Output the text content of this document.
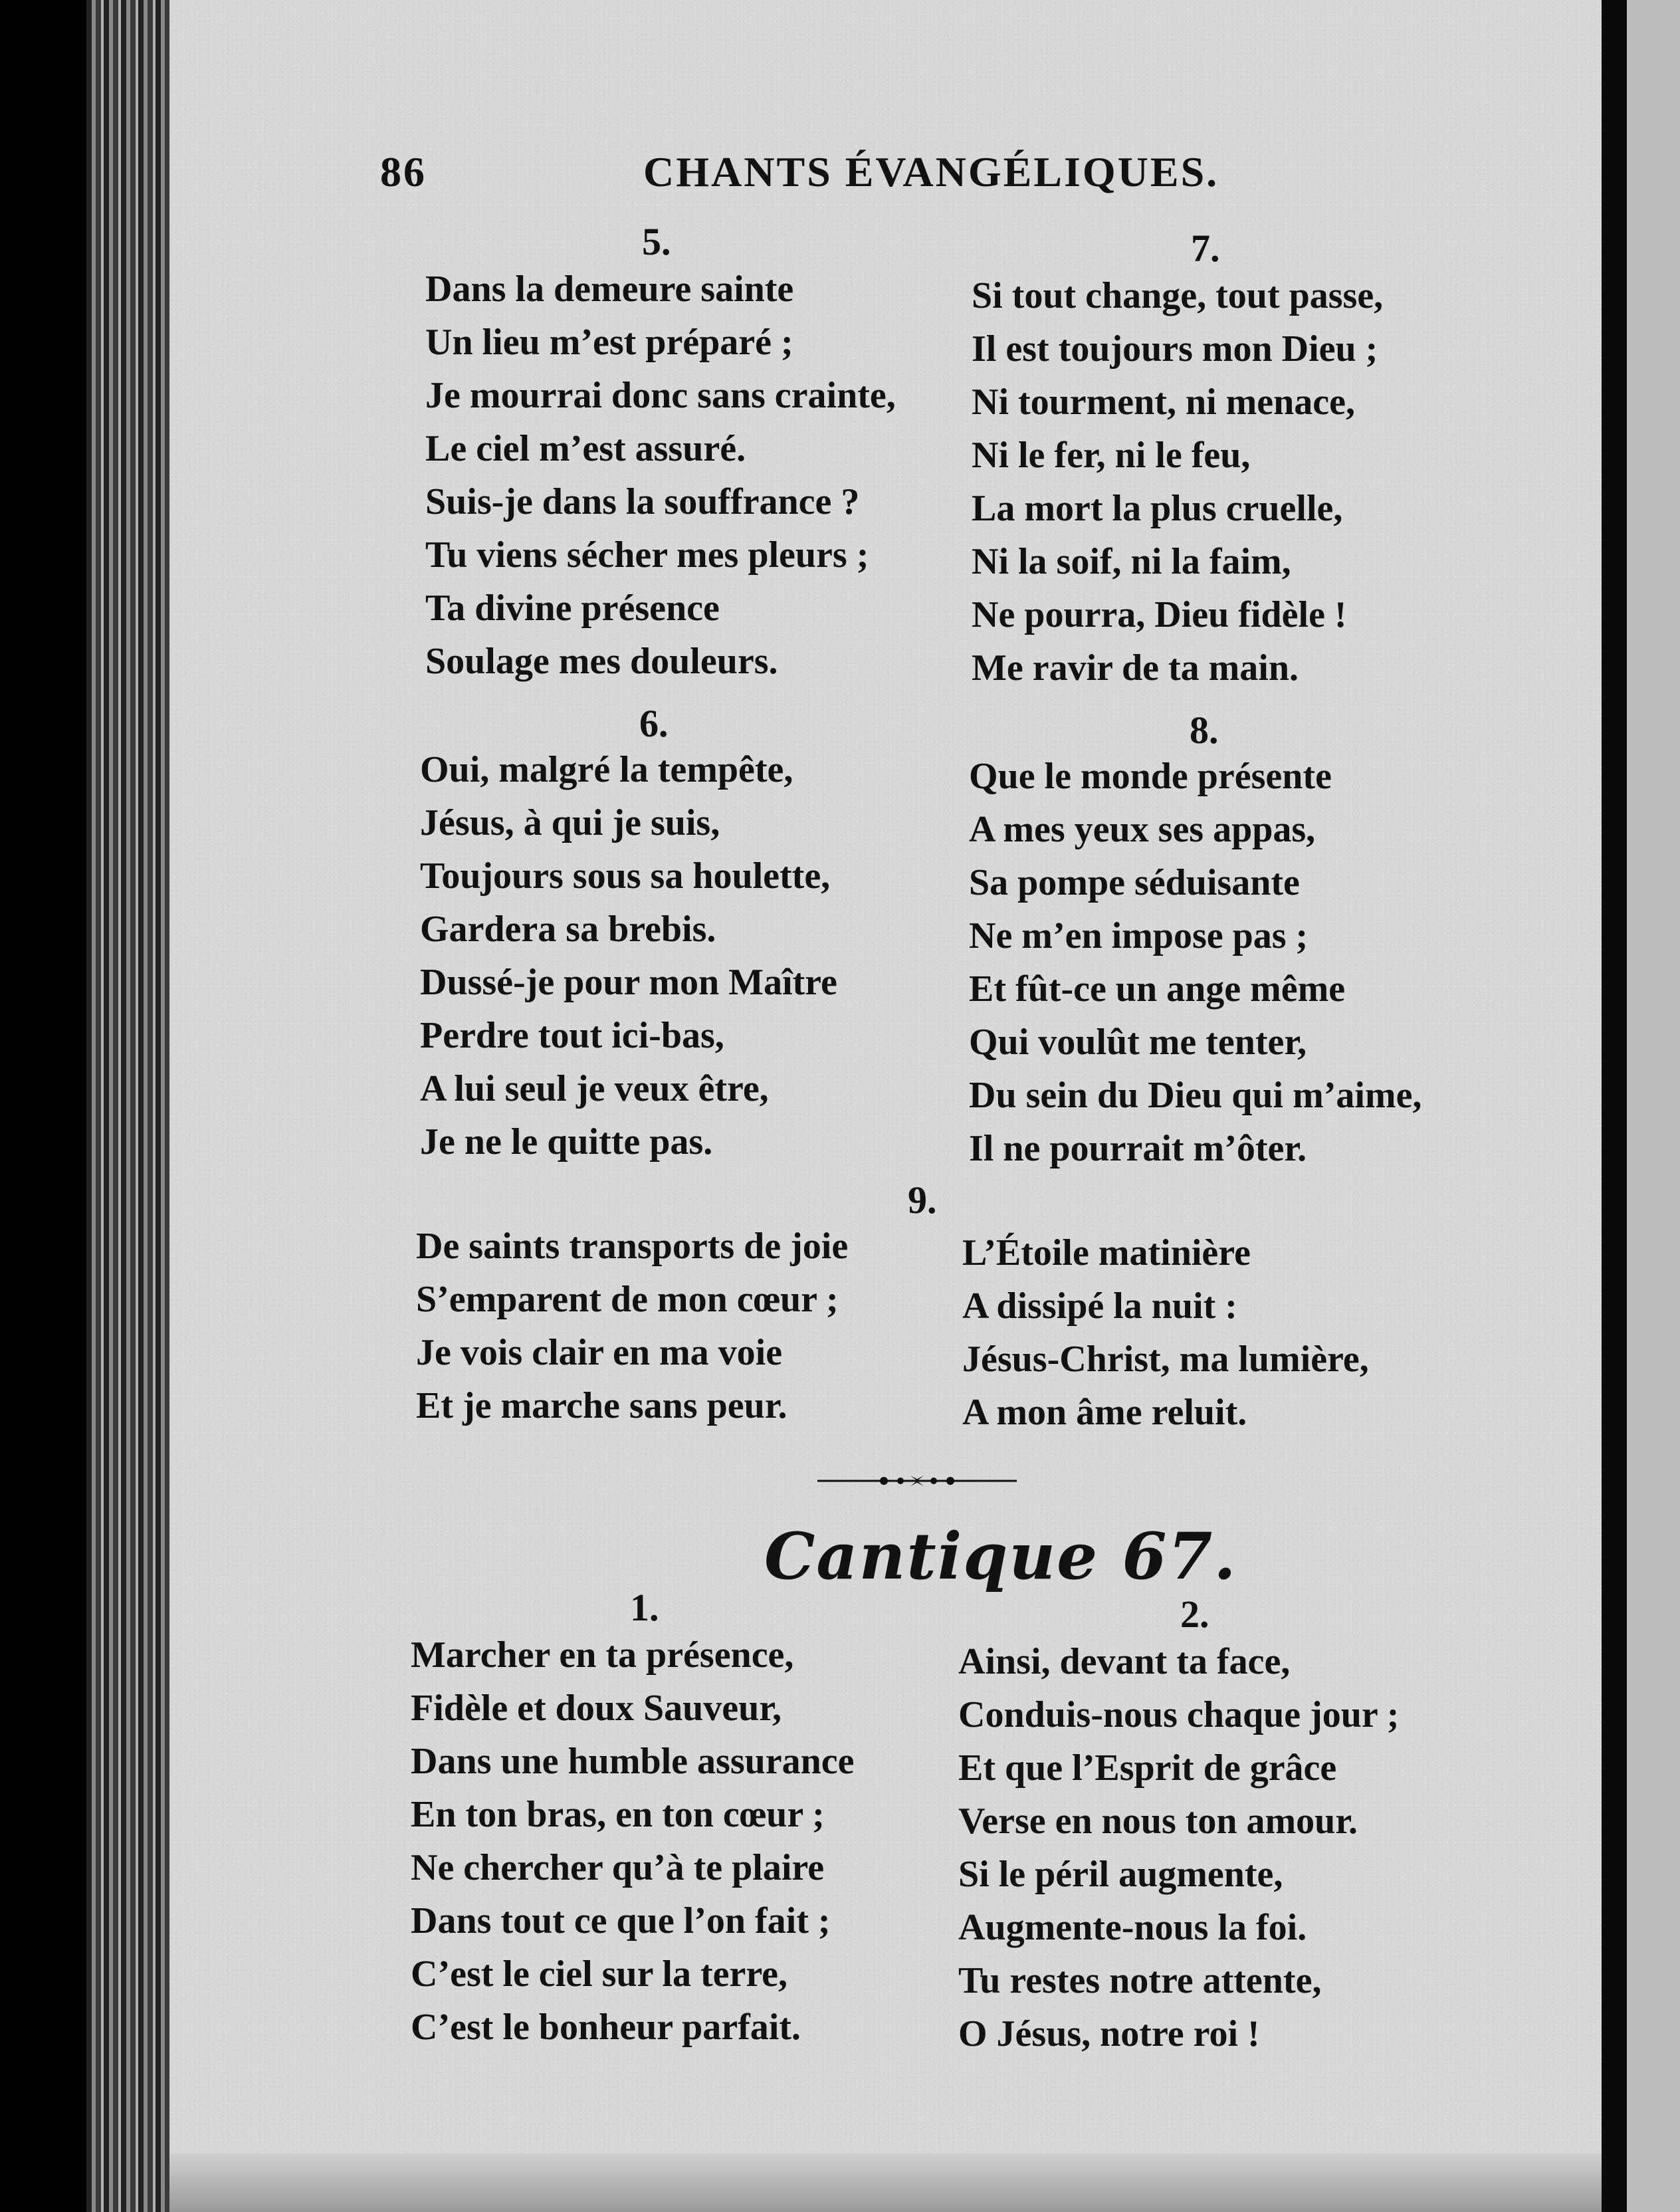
86	CHANTS ÉVANGÉLIQUES.
5.
Dans la demeure sainte
Un lieu m’est préparé ;
Je mourrai donc sans crainte,
Le ciel m’est assuré.
Suis-je dans la souffrance ?
Tu viens sécher mes pleurs ;
Ta divine présence
Soulage mes douleurs.
7.
Si tout change, tout passe,
Il est toujours mon Dieu ;
Ni tourment, ni menace,
Ni le fer, ni le feu,
La mort la plus cruelle,
Ni la soif, ni la faim,
Ne pourra, Dieu fidèle !
Me ravir de ta main.
6.
Oui, malgré la tempête,
Jésus, à qui je suis,
Toujours sous sa houlette,
Gardera sa brebis.
Dussé-je pour mon Maître
Perdre tout ici-bas,
A lui seul je veux être,
Je ne le quitte pas.
8.
Que le monde présente
A mes yeux ses appas,
Sa pompe séduisante
Ne m’en impose pas ;
Et fût-ce un ange même
Qui voulût me tenter,
Du sein du Dieu qui m’aime,
Il ne pourrait m’ôter.
9.
De saints transports de joie
S’emparent de mon cœur ;
Je vois clair en ma voie
Et je marche sans peur.
L’Étoile matinière
A dissipé la nuit :
Jésus-Christ, ma lumière,
A mon âme reluit.
Cantique 67.
1.
Marcher en ta présence,
Fidèle et doux Sauveur,
Dans une humble assurance
En ton bras, en ton cœur ;
Ne chercher qu’à te plaire
Dans tout ce que l’on fait ;
C’est le ciel sur la terre,
C’est le bonheur parfait.
2.
Ainsi, devant ta face,
Conduis-nous chaque jour ;
Et que l’Esprit de grâce
Verse en nous ton amour.
Si le péril augmente,
Augmente-nous la foi.
Tu restes notre attente,
O Jésus, notre roi !
